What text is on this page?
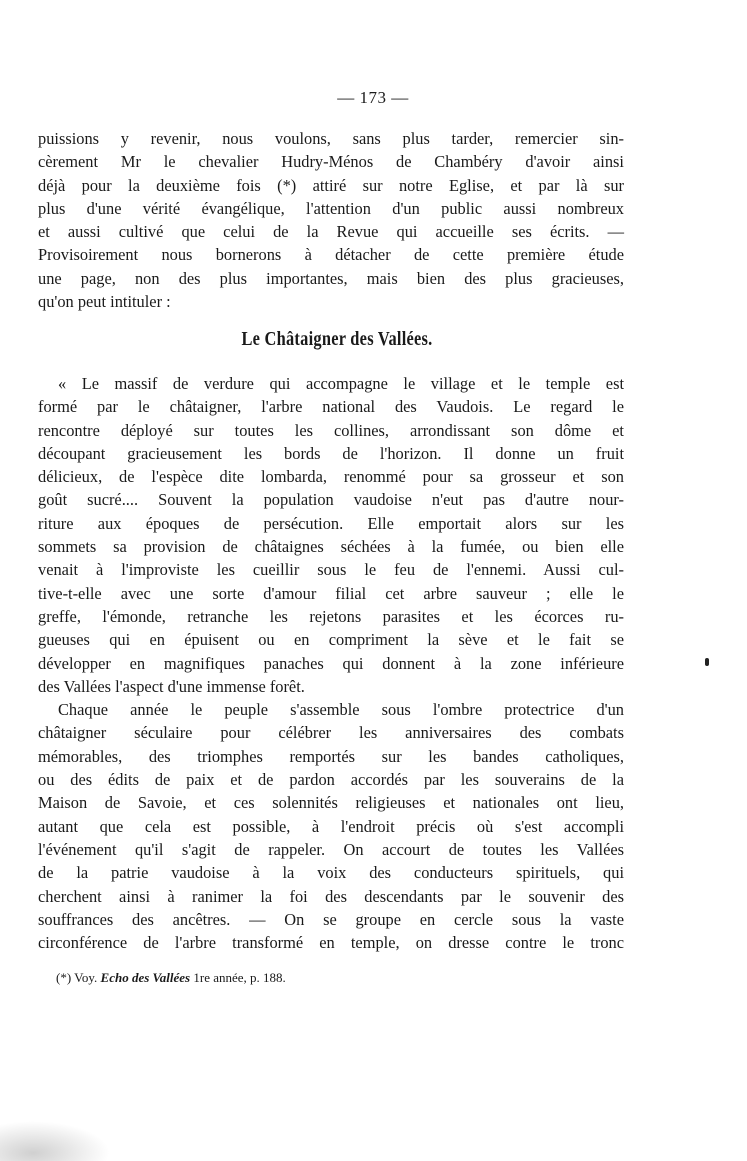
— 173 —
puissions y revenir, nous voulons, sans plus tarder, remercier sin-
cèrement Mr le chevalier Hudry-Ménos de Chambéry d'avoir ainsi
déjà pour la deuxième fois (*) attiré sur notre Eglise, et par là sur
plus d'une vérité évangélique, l'attention d'un public aussi nombreux
et aussi cultivé que celui de la Revue qui accueille ses écrits. —
Provisoirement nous bornerons à détacher de cette première étude
une page, non des plus importantes, mais bien des plus gracieuses,
qu'on peut intituler :
Le Châtaigner des Vallées.
« Le massif de verdure qui accompagne le village et le temple est
formé par le châtaigner, l'arbre national des Vaudois. Le regard le
rencontre déployé sur toutes les collines, arrondissant son dôme et
découpant gracieusement les bords de l'horizon. Il donne un fruit
délicieux, de l'espèce dite lombarda, renommé pour sa grosseur et son
goût sucré.... Souvent la population vaudoise n'eut pas d'autre nour-
riture aux époques de persécution. Elle emportait alors sur les
sommets sa provision de châtaignes séchées à la fumée, ou bien elle
venait à l'improviste les cueillir sous le feu de l'ennemi. Aussi cul-
tive-t-elle avec une sorte d'amour filial cet arbre sauveur ; elle le
greffe, l'émonde, retranche les rejetons parasites et les écorces ru-
gueuses qui en épuisent ou en compriment la sève et le fait se
développer en magnifiques panaches qui donnent à la zone inférieure
des Vallées l'aspect d'une immense forêt.
Chaque année le peuple s'assemble sous l'ombre protectrice d'un
châtaigner séculaire pour célébrer les anniversaires des combats
mémorables, des triomphes remportés sur les bandes catholiques,
ou des édits de paix et de pardon accordés par les souverains de la
Maison de Savoie, et ces solennités religieuses et nationales ont lieu,
autant que cela est possible, à l'endroit précis où s'est accompli
l'événement qu'il s'agit de rappeler. On accourt de toutes les Vallées
de la patrie vaudoise à la voix des conducteurs spirituels, qui
cherchent ainsi à ranimer la foi des descendants par le souvenir des
souffrances des ancêtres. — On se groupe en cercle sous la vaste
circonférence de l'arbre transformé en temple, on dresse contre le tronc
(*) Voy. Echo des Vallées 1re année, p. 188.
